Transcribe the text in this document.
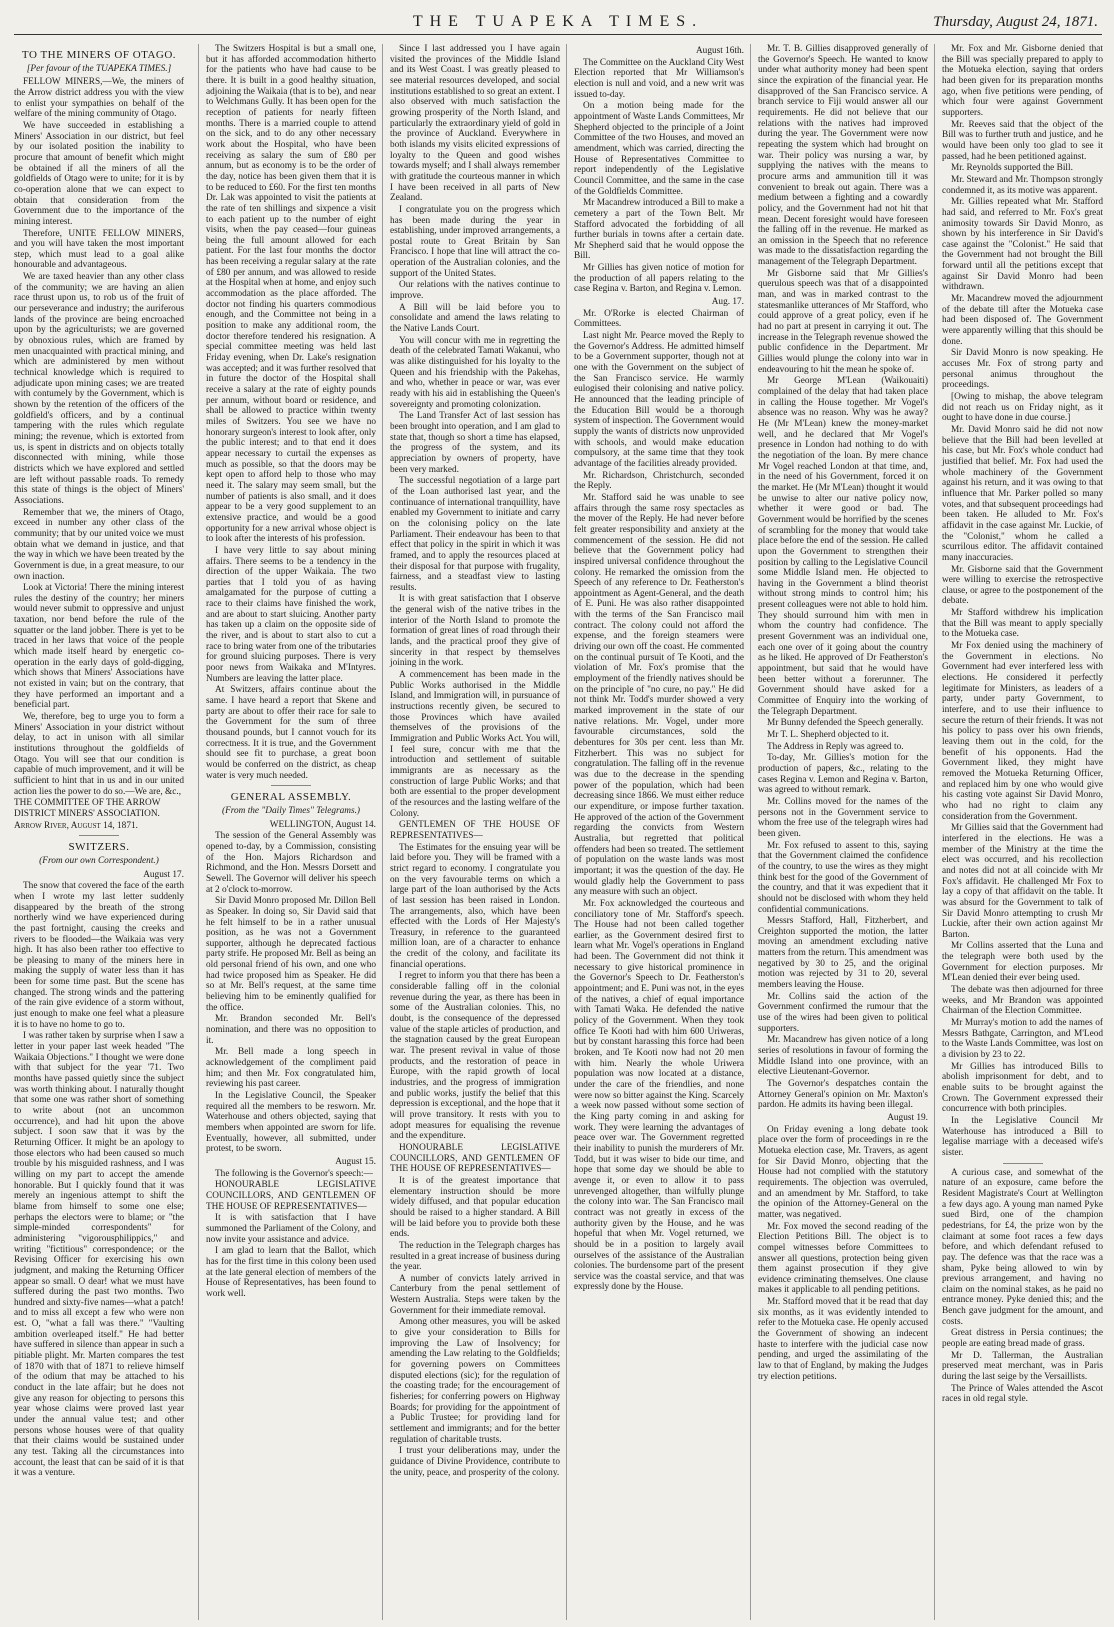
THE TUAPEKA TIMES.	Thursday, August 24, 1871.
TO THE MINERS OF OTAGO.
[Per favour of the TUAPEKA TIMES.]

FELLOW MINERS,—We, the miners of the Arrow district address you with the view to enlist your sympathies on behalf of the welfare of the mining community of Otago.

We have succeeded in establishing a Miners' Association in our district, but feel by our isolated position the inability to procure that amount of benefit which might be obtained if all the miners of all the goldfields of Otago were to unite; for it is by co-operation alone that we can expect to obtain that consideration from the Government due to the importance of the mining interest.

Therefore, UNITE FELLOW MINERS, and you will have taken the most important step, which must lead to a goal alike honourable and advantageous.

We are taxed heavier than any other class of the community; we are having an alien race thrust upon us, to rob us of the fruit of our perseverance and industry; the auriferous lands of the province are being encroached upon by the agriculturists; we are governed by obnoxious rules, which are framed by men unacquainted with practical mining, and which are administered by men without technical knowledge which is required to adjudicate upon mining cases; we are treated with contumely by the Government, which is shown by the retention of the officers of the goldfield's officers, and by a continual tampering with the rules which regulate mining; the revenue, which is extorted from us, is spent in districts and on objects totally disconnected with mining, while those districts which we have explored and settled are left without passable roads. To remedy this state of things is the object of Miners' Associations.

Remember that we, the miners of Otago, exceed in number any other class of the community; that by our united voice we must obtain what we demand in justice, and that the way in which we have been treated by the Government is due, in a great measure, to our own inaction.

Look at Victoria! There the mining interest rules the destiny of the country; her miners would never submit to oppressive and unjust taxation, nor bend before the rule of the squatter or the land jobber. There is yet to be traced in her laws that voice of the people which made itself heard by energetic co-operation in the early days of gold-digging, which shows that Miners' Associations have not existed in vain; but on the contrary, that they have performed an important and a beneficial part.

We, therefore, beg to urge you to form a Miners' Association in your district without delay, to act in unison with all similar institutions throughout the goldfields of Otago. You will see that our condition is capable of much improvement, and it will be sufficient to hint that in us and in our united action lies the power to do so.—We are, &c.,

THE COMMITTEE OF THE ARROW DISTRICT MINERS' ASSOCIATION.

Arrow River, August 14, 1871.

SWITZERS.
(From our own Correspondent.)
August 17.

The snow that covered the face of the earth when I wrote my last letter suddenly disappeared by the breath of the strong northerly wind we have experienced during the past fortnight, causing the creeks and rivers to be flooded—the Waikaia was very high. It has also been rather too effective to be pleasing to many of the miners here in making the supply of water less than it has been for some time past. But the scene has changed. The strong winds and the pattering of the rain give evidence of a storm without, just enough to make one feel what a pleasure it is to have no home to go to.

I was rather taken by surprise when I saw a letter in your paper last week headed "The Waikaia Objections." I thought we were done with that subject for the year '71. Two months have passed quietly since the subject was worth thinking about. I naturally thought that some one was rather short of something to write about (not an uncommon occurrence), and had hit upon the above subject. I soon saw that it was by the Returning Officer. It might be an apology to those electors who had been caused so much trouble by his misguided rashness, and I was willing on my part to accept the amende honorable. But I quickly found that it was merely an ingenious attempt to shift the blame from himself to some one else; perhaps the electors were to blame; or "the simple-minded correspondents" for administering "vigorousphilippics," and writing "fictitious" correspondence; or the Revising Officer for exercising his own judgment, and making the Returning Officer appear so small. O dear! what we must have suffered during the past two months. Two hundred and sixty-five names—what a patch! and to miss all except a few who were non est. O, "what a fall was there." "Vaulting ambition overleaped itself." He had better have suffered in silence than appear in such a pitiable plight. Mr. Marten compares the test of 1870 with that of 1871 to relieve himself of the odium that may be attached to his conduct in the late affair; but he does not give any reason for objecting to persons this year whose claims were proved last year under the annual value test; and other persons whose houses were of that quality that their claims would be sustained under any test. Taking all the circumstances into account, the least that can be said of it is that it was a venture.

The Switzers Hospital is but a small one, but it has afforded accommodation hitherto for the patients who have had cause to be there. It is built in a good healthy situation, adjoining the Waikaia (that is to be), and near to Welchmans Gully. It has been open for the reception of patients for nearly fifteen months. There is a married couple to attend on the sick, and to do any other necessary work about the Hospital, who have been receiving as salary the sum of £80 per annum, but as economy is to be the order of the day, notice has been given them that it is to be reduced to £60. For the first ten months Dr. Lak was appointed to visit the patients at the rate of ten shillings and sixpence a visit to each patient up to the number of eight visits, when the pay ceased—four guineas being the full amount allowed for each patient. For the last four months the doctor has been receiving a regular salary at the rate of £80 per annum, and was allowed to reside at the Hospital when at home, and enjoy such accommodation as the place afforded. The doctor not finding his quarters commodious enough, and the Committee not being in a position to make any additional room, the doctor therefore tendered his resignation. A special committee meeting was held last Friday evening, when Dr. Lake's resignation was accepted; and it was further resolved that in future the doctor of the Hospital shall receive a salary at the rate of eighty pounds per annum, without board or residence, and shall be allowed to practice within twenty miles of Switzers. You see we have no honorary surgeon's interest to look after, only the public interest; and to that end it does appear necessary to curtail the expenses as much as possible, so that the doors may be kept open to afford help to those who may need it. The salary may seem small, but the number of patients is also small, and it does appear to be a very good supplement to an extensive practice, and would be a good opportunity for a new arrival whose object is to look after the interests of his profession.

I have very little to say about mining affairs. There seems to be a tendency in the direction of the upper Waikaia. The two parties that I told you of as having amalgamated for the purpose of cutting a race to their claims have finished the work, and are about to start sluicing. Another party has taken up a claim on the opposite side of the river, and is about to start also to cut a race to bring water from one of the tributaries for ground sluicing purposes. There is very poor news from Waikaka and M'Intyres. Numbers are leaving the latter place.

At Switzers, affairs continue about the same. I have heard a report that Skene and party are about to offer their race for sale to the Government for the sum of three thousand pounds, but I cannot vouch for its correctness. It it is true, and the Government should see fit to purchase, a great boon would be conferred on the district, as cheap water is very much needed.

GENERAL ASSEMBLY.
(From the "Daily Times" Telegrams.)
WELLINGTON, August 14.

The session of the General Assembly was opened to-day, by a Commission, consisting of the Hon. Majors Richardson and Richmond, and the Hon. Messrs Dorsett and Sewell. The Governor will deliver his speech at 2 o'clock to-morrow.

Sir David Monro proposed Mr. Dillon Bell as Speaker. In doing so, Sir David said that he felt himself to be in a rather unusual position, as he was not a Government supporter, although he deprecated factious party strife. He proposed Mr. Bell as being an old personal friend of his own, and one who had twice proposed him as Speaker. He did so at Mr. Bell's request, at the same time believing him to be eminently qualified for the office.

Mr. Brandon seconded Mr. Bell's nomination, and there was no opposition to it.

Mr. Bell made a long speech in acknowledgement of the compliment paid him; and then Mr. Fox congratulated him, reviewing his past career.

In the Legislative Council, the Speaker required all the members to be resworn. Mr. Waterhouse and others objected, saying that members when appointed are sworn for life. Eventually, however, all submitted, under protest, to be sworn.

August 15.

The following is the Governor's speech:—

HONOURABLE LEGISLATIVE COUNCILLORS, AND GENTLEMEN OF THE HOUSE OF REPRESENTATIVES—

It is with satisfaction that I have summoned the Parliament of the Colony, and now invite your assistance and advice.

I am glad to learn that the Ballot, which has for the first time in this colony been used at the late general election of members of the House of Representatives, has been found to work well.

Since I last addressed you I have again visited the provinces of the Middle Island and its West Coast. I was greatly pleased to see material resources developed, and social institutions established to so great an extent. I also observed with much satisfaction the growing prosperity of the North Island, and particularly the extraordinary yield of gold in the province of Auckland. Everywhere in both islands my visits elicited expressions of loyalty to the Queen and good wishes towards myself; and I shall always remember with gratitude the courteous manner in which I have been received in all parts of New Zealand.

I congratulate you on the progress which has been made during the year in establishing, under improved arrangements, a postal route to Great Britain by San Francisco. I hope that line will attract the co-operation of the Australian colonies, and the support of the United States.

Our relations with the natives continue to improve.

A Bill will be laid before you to consolidate and amend the laws relating to the Native Lands Court.

You will concur with me in regretting the death of the celebrated Tamati Wakanui, who was alike distinguished for his loyalty to the Queen and his friendship with the Pakehas, and who, whether in peace or war, was ever ready with his aid in establishing the Queen's sovereignty and promoting colonization.

The Land Transfer Act of last session has been brought into operation, and I am glad to state that, though so short a time has elapsed, the progress of the system, and its appreciation by owners of property, have been very marked.

The successful negotiation of a large part of the Loan authorised last year, and the continuance of international tranquillity, have enabled my Government to initiate and carry on the colonising policy on the late Parliament. Their endeavour has been to that effect that policy in the spirit in which it was framed, and to apply the resources placed at their disposal for that purpose with frugality, fairness, and a steadfast view to lasting results.

It is with great satisfaction that I observe the general wish of the native tribes in the interior of the North Island to promote the formation of great lines of road through their lands, and the practical proof they give of sincerity in that respect by themselves joining in the work.

A commencement has been made in the Public Works authorised in the Middle Island, and Immigration will, in pursuance of instructions recently given, be secured to those Provinces which have availed themselves of the provisions of the Immigration and Public Works Act. You will, I feel sure, concur with me that the introduction and settlement of suitable immigrants are as necessary as the construction of large Public Works; and that both are essential to the proper development of the resources and the lasting welfare of the Colony.

GENTLEMEN OF THE HOUSE OF REPRESENTATIVES—

The Estimates for the ensuing year will be laid before you. They will be framed with a strict regard to economy. I congratulate you on the very favourable terms on which a large part of the loan authorised by the Acts of last session has been raised in London. The arrangements, also, which have been effected with the Lords of Her Majesty's Treasury, in reference to the guaranteed million loan, are of a character to enhance the credit of the colony, and facilitate its financial operations.

I regret to inform you that there has been a considerable falling off in the colonial revenue during the year, as there has been in some of the Australian colonies. This, no doubt, is the consequence of the depressed value of the staple articles of production, and the stagnation caused by the great European war. The present revival in value of those products, and the restoration of peace in Europe, with the rapid growth of local industries, and the progress of immigration and public works, justify the belief that this depression is exceptional, and the hope that it will prove transitory. It rests with you to adopt measures for equalising the revenue and the expenditure.

HONOURABLE LEGISLATIVE COUNCILLORS, AND GENTLEMEN OF THE HOUSE OF REPRESENTATIVES—

It is of the greatest importance that elementary instruction should be more widely diffused, and that popular education should be raised to a higher standard. A Bill will be laid before you to provide both these ends.

The reduction in the Telegraph charges has resulted in a great increase of business during the year.

A number of convicts lately arrived in Canterbury from the penal settlement of Western Australia. Steps were taken by the Government for their immediate removal.

Among other measures, you will be asked to give your consideration to Bills for improving the Law of Insolvency; for amending the Law relating to the Goldfields; for governing powers on Committees disputed elections (sic); for the regulation of the coasting trade; for the encouragement of fisheries; for conferring powers on Highway Boards; for providing for the appointment of a Public Trustee; for providing land for settlement and immigrants; and for the better regulation of charitable trusts.

I trust your deliberations may, under the guidance of Divine Providence, contribute to the unity, peace, and prosperity of the colony.

August 16th.

The Committee on the Auckland City West Election reported that Mr Williamson's election is null and void, and a new writ was issued to-day.

On a motion being made for the appointment of Waste Lands Committees, Mr Shepherd objected to the principle of a Joint Committee of the two Houses, and moved an amendment, which was carried, directing the House of Representatives Committee to report independently of the Legislative Council Committee, and the same in the case of the Goldfields Committee.

Mr Macandrew introduced a Bill to make a cemetery a part of the Town Belt. Mr Stafford advocated the forbidding of all further burials in towns after a certain date. Mr Shepherd said that he would oppose the Bill.

Mr Gillies has given notice of motion for the production of all papers relating to the case Regina v. Barton, and Regina v. Lemon.

Aug. 17.

Mr. O'Rorke is elected Chairman of Committees.

Last night Mr. Pearce moved the Reply to the Governor's Address. He admitted himself to be a Government supporter, though not at one with the Government on the subject of the San Francisco service. He warmly eulogised their colonising and native policy. He announced that the leading principle of the Education Bill would be a thorough system of inspection. The Government would supply the wants of districts now unprovided with schools, and would make education compulsory, at the same time that they took advantage of the facilities already provided.

Mr. Richardson, Christchurch, seconded the Reply.

Mr. Stafford said he was unable to see affairs through the same rosy spectacles as the mover of the Reply. He had never before felt greater responsibility and anxiety at the commencement of the session. He did not believe that the Government policy had inspired universal confidence throughout the colony. He remarked the omission from the Speech of any reference to Dr. Featherston's appointment as Agent-General, and the death of E. Puni. He was also rather disappointed with the terms of the San Francisco mail contract. The colony could not afford the expense, and the foreign steamers were driving our own off the coast. He commented on the continual pursuit of Te Kooti, and the violation of Mr. Fox's promise that the employment of the friendly natives should be on the principle of "no cure, no pay." He did not think Mr. Todd's murder showed a very marked improvement in the state of our native relations. Mr. Vogel, under more favourable circumstances, sold the debentures for 30s per cent. less than Mr. Fitzherbert. This was no subject for congratulation. The falling off in the revenue was due to the decrease in the spending power of the population, which had been decreasing since 1866. We must either reduce our expenditure, or impose further taxation. He approved of the action of the Government regarding the convicts from Western Australia, but regretted that political offenders had been so treated. The settlement of population on the waste lands was most important; it was the question of the day. He would gladly help the Government to pass any measure with such an object.

Mr. Fox acknowledged the courteous and conciliatory tone of Mr. Stafford's speech. The House had not been called together earlier, as the Government desired first to learn what Mr. Vogel's operations in England had been. The Government did not think it necessary to give historical prominence in the Governor's Speech to Dr. Featherston's appointment; and E. Puni was not, in the eyes of the natives, a chief of equal importance with Tamati Waka. He defended the native policy of the Government. When they took office Te Kooti had with him 600 Uriweras, but by constant harassing this force had been broken, and Te Kooti now had not 20 men with him. Nearly the whole Uriwera population was now located at a distance, under the care of the friendlies, and none were now so bitter against the King. Scarcely a week now passed without some section of the King party coming in and asking for work. They were learning the advantages of peace over war. The Government regretted their inability to punish the murderers of Mr. Todd, but it was wiser to bide our time, and hope that some day we should be able to avenge it, or even to allow it to pass unrevenged altogether, than wilfully plunge the colony into war. The San Francisco mail contract was not greatly in excess of the authority given by the House, and he was hopeful that when Mr. Vogel returned, we should be in a position to largely avail ourselves of the assistance of the Australian colonies. The burdensome part of the present service was the coastal service, and that was expressly done by the House.

Mr. T. B. Gillies disapproved generally of the Governor's Speech. He wanted to know under what authority money had been spent since the expiration of the financial year. He disapproved of the San Francisco service. A branch service to Fiji would answer all our requirements. He did not believe that our relations with the natives had improved during the year. The Government were now repeating the system which had brought on war. Their policy was nursing a war, by supplying the natives with the means to procure arms and ammunition till it was convenient to break out again. There was a medium between a fighting and a cowardly policy, and the Government had not hit that mean. Decent foresight would have foreseen the falling off in the revenue. He marked as an omission in the Speech that no reference was made to the dissatisfaction regarding the management of the Telegraph Department.

Mr Gisborne said that Mr Gillies's querulous speech was that of a disappointed man, and was in marked contrast to the statesmanlike utterances of Mr Stafford, who could approve of a great policy, even if he had no part at present in carrying it out. The increase in the Telegraph revenue showed the public confidence in the Department. Mr Gillies would plunge the colony into war in endeavouring to hit the mean he spoke of.

Mr George M'Lean (Waikouaiti) complained of the delay that had taken place in calling the House together. Mr Vogel's absence was no reason. Why was he away? He (Mr M'Lean) knew the money-market well, and he declared that Mr Vogel's presence in London had nothing to do with the negotiation of the loan. By mere chance Mr Vogel reached London at that time, and, in the need of his Government, forced it on the market. He (Mr M'Lean) thought it would be unwise to alter our native policy now, whether it were good or bad. The Government would be horrified by the scenes of scrambling for the money that would take place before the end of the session. He called upon the Government to strengthen their position by calling to the Legislative Council some Middle Island men. He objected to having in the Government a blind theorist without strong minds to control him; his present colleagues were not able to hold him. They should surround him with men in whom the country had confidence. The present Government was an individual one, each one over of it going about the country as he liked. He approved of Dr Featherston's appointment, but said that he would have been better without a forerunner. The Government should have asked for a Committee of Enquiry into the working of the Telegraph Department.

Mr Bunny defended the Speech generally.

Mr T. L. Shepherd objected to it.

The Address in Reply was agreed to.

To-day, Mr. Gillies's motion for the production of papers, &c., relating to the cases Regina v. Lemon and Regina v. Barton, was agreed to without remark.

Mr. Collins moved for the names of the persons not in the Government service to whom the free use of the telegraph wires had been given.

Mr. Fox refused to assent to this, saying that the Government claimed the confidence of the country, to use the wires as they might think best for the good of the Government of the country, and that it was expedient that it should not be disclosed with whom they held confidential communications.

Messrs Stafford, Hall, Fitzherbert, and Creighton supported the motion, the latter moving an amendment excluding native matters from the return. This amendment was negatived by 30 to 25, and the original motion was rejected by 31 to 20, several members leaving the House.

Mr. Collins said the action of the Government confirmed the rumour that the use of the wires had been given to political supporters.

Mr. Macandrew has given notice of a long series of resolutions in favour of forming the Middle Island into one province, with an elective Lieutenant-Governor.

The Governor's despatches contain the Attorney General's opinion on Mr. Maxton's pardon. He admits its having been illegal.

August 19.

On Friday evening a long debate took place over the form of proceedings in re the Motueka election case, Mr. Travers, as agent for Sir David Monro, objecting that the House had not complied with the statutory requirements. The objection was overruled, and an amendment by Mr. Stafford, to take the opinion of the Attorney-General on the matter, was negatived.

Mr. Fox moved the second reading of the Election Petitions Bill. The object is to compel witnesses before Committees to answer all questions, protection being given them against prosecution if they give evidence criminating themselves. One clause makes it applicable to all pending petitions.

Mr. Stafford moved that it be read that day six months, as it was evidently intended to refer to the Motueka case. He openly accused the Government of showing an indecent haste to interfere with the judicial case now pending, and urged the assimilating of the law to that of England, by making the Judges try election petitions.

Mr. Fox and Mr. Gisborne denied that the Bill was specially prepared to apply to the Motueka election, saying that orders had been given for its preparation months ago, when five petitions were pending, of which four were against Government supporters.

Mr. Reeves said that the object of the Bill was to further truth and justice, and he would have been only too glad to see it passed, had he been petitioned against.

Mr. Reynolds supported the Bill.

Mr. Steward and Mr. Thompson strongly condemned it, as its motive was apparent.

Mr. Gillies repeated what Mr. Stafford had said, and referred to Mr. Fox's great animosity towards Sir David Monro, as shown by his interference in Sir David's case against the "Colonist." He said that the Government had not brought the Bill forward until all the petitions except that against Sir David Monro had been withdrawn.

Mr. Macandrew moved the adjournment of the debate till after the Motueka case had been disposed of. The Government were apparently willing that this should be done.

Sir David Monro is now speaking. He accuses Mr. Fox of strong party and personal animus throughout the proceedings.

[Owing to mishap, the above telegram did not reach us on Friday night, as it ought to have done in due course.]

Mr. David Monro said he did not now believe that the Bill had been levelled at his case, but Mr. Fox's whole conduct had justified that belief. Mr. Fox had used the whole machinery of the Government against his return, and it was owing to that influence that Mr. Parker polled so many votes, and that subsequent proceedings had been taken. He alluded to Mr. Fox's affidavit in the case against Mr. Luckie, of the "Colonist," whom he called a scurrilous editor. The affidavit contained many inaccuracies.

Mr. Gisborne said that the Government were willing to exercise the retrospective clause, or agree to the postponement of the debate.

Mr Stafford withdrew his implication that the Bill was meant to apply specially to the Motueka case.

Mr Fox denied using the machinery of the Government in elections. No Government had ever interfered less with elections. He considered it perfectly legitimate for Ministers, as leaders of a party, under party Government, to interfere, and to use their influence to secure the return of their friends. It was not his policy to pass over his own friends, leaving them out in the cold, for the benefit of his opponents. Had the Government liked, they might have removed the Motueka Returning Officer, and replaced him by one who would give his casting vote against Sir David Monro, who had no right to claim any consideration from the Government.

Mr Gillies said that the Government had interfered in the elections. He was a member of the Ministry at the time the elect was occurred, and his recollection and notes did not at all coincide with Mr Fox's affidavit. He challenged Mr Fox to lay a copy of that affidavit on the table. It was absurd for the Government to talk of Sir David Monro attempting to crush Mr Luckie, after their own action against Mr Barton.

Mr Collins asserted that the Luna and the telegraph were both used by the Government for election purposes. Mr M'Lean denied their ever being used.

The debate was then adjourned for three weeks, and Mr Brandon was appointed Chairman of the Election Committee.

Mr Murray's motion to add the names of Messrs Bathgate, Carrington, and M'Leod to the Waste Lands Committee, was lost on a division by 23 to 22.

Mr Gillies has introduced Bills to abolish imprisonment for debt, and to enable suits to be brought against the Crown. The Government expressed their concurrence with both principles.

In the Legislative Council Mr Waterhouse has introduced a Bill to legalise marriage with a deceased wife's sister.

A curious case, and somewhat of the nature of an exposure, came before the Resident Magistrate's Court at Wellington a few days ago. A young man named Pyke sued Bird, one of the champion pedestrians, for £4, the prize won by the claimant at some foot races a few days before, and which defendant refused to pay. The defence was that the race was a sham, Pyke being allowed to win by previous arrangement, and having no claim on the nominal stakes, as he paid no entrance money. Pyke denied this; and the Bench gave judgment for the amount, and costs.

Great distress in Persia continues; the people are eating bread made of grass.

Mr D. Tallerman, the Australian preserved meat merchant, was in Paris during the last seige by the Versaillists.

The Prince of Wales attended the Ascot races in old regal style.
